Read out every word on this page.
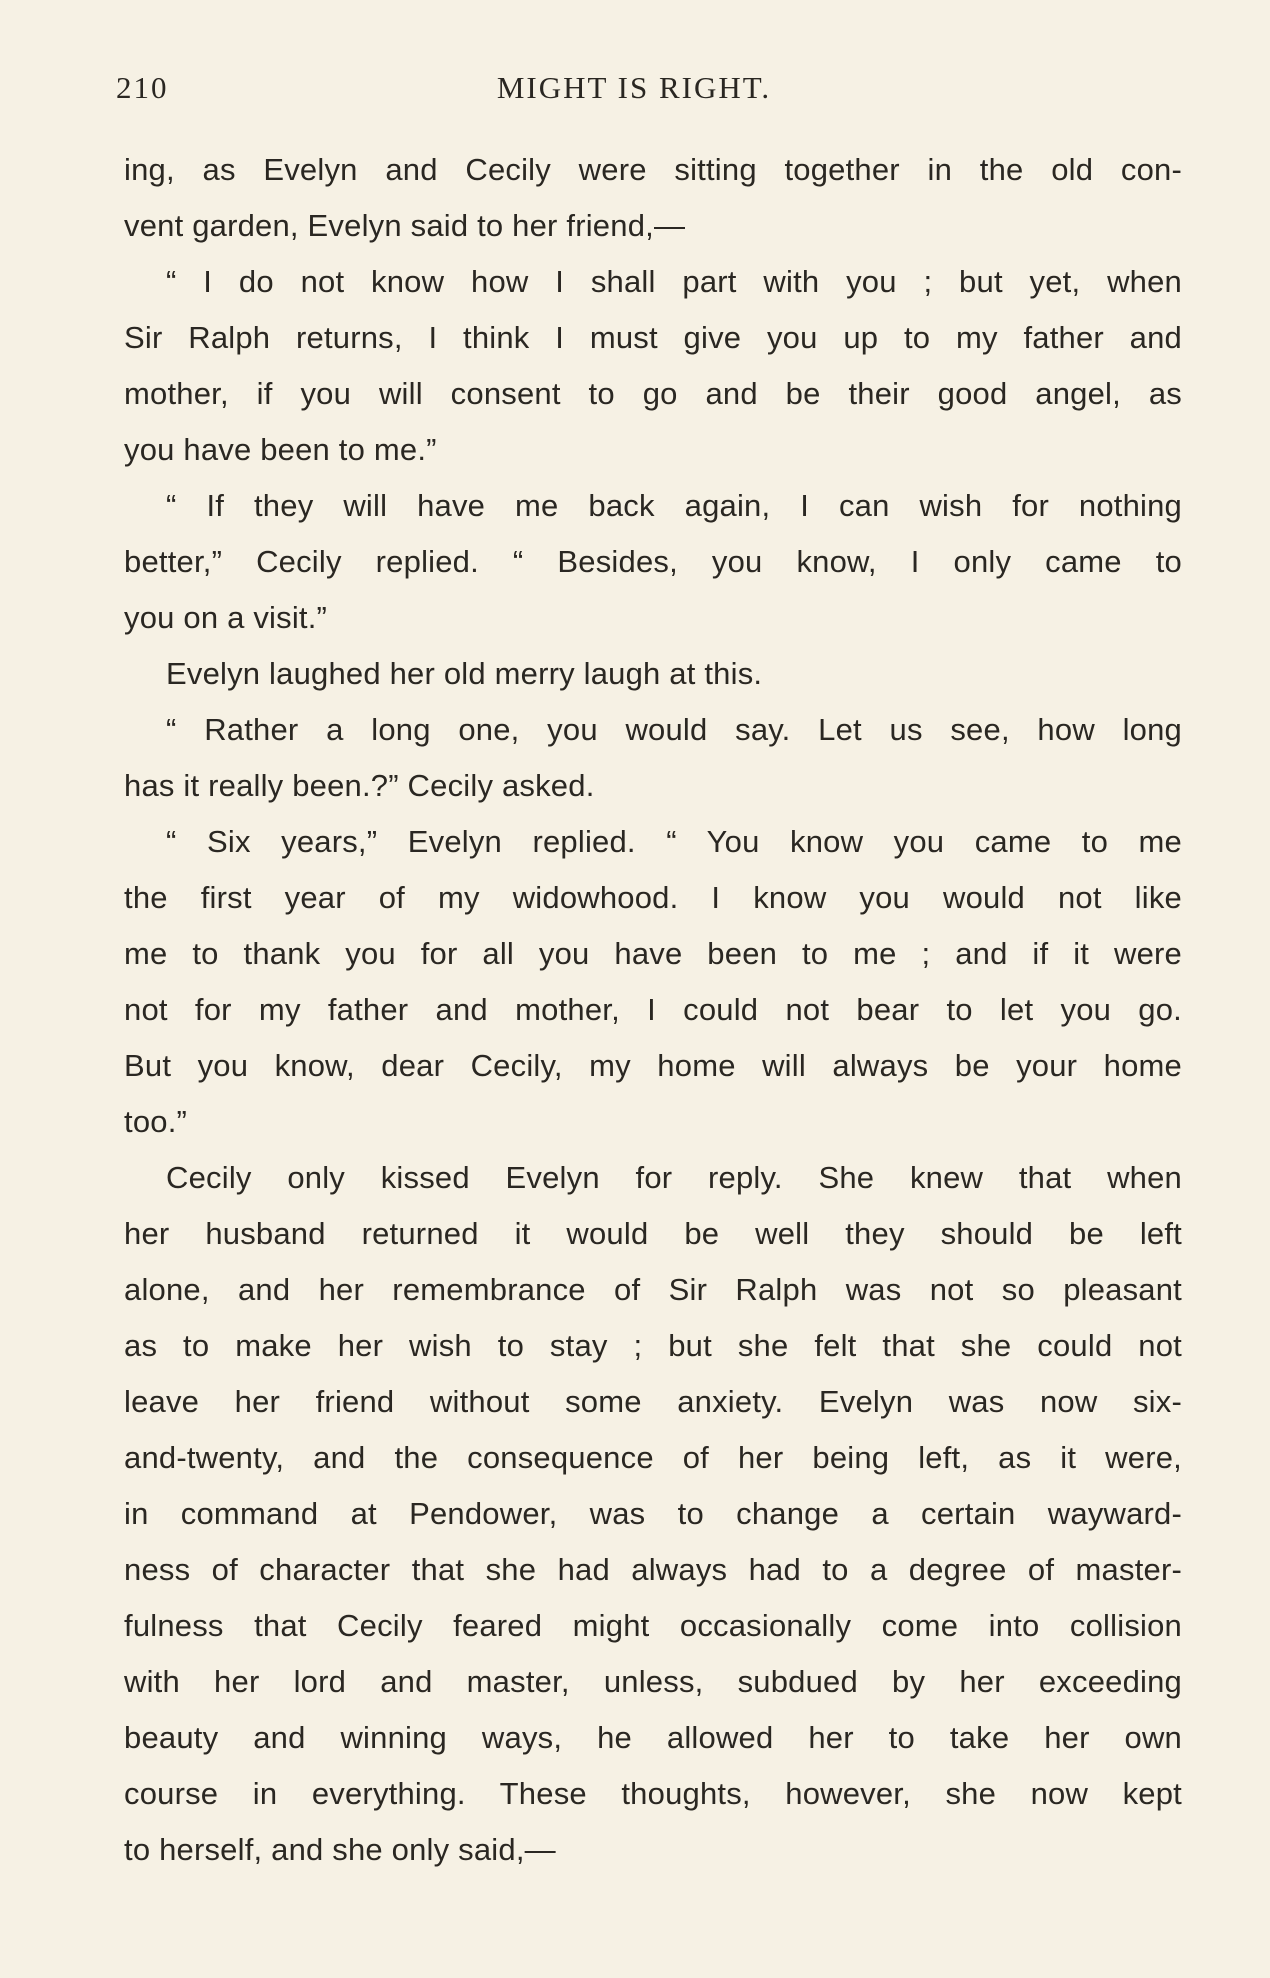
210	MIGHT IS RIGHT.
ing, as Evelyn and Cecily were sitting together in the old con-
vent garden, Evelyn said to her friend,—
“ I do not know how I shall part with you ; but yet, when
Sir Ralph returns, I think I must give you up to my father and
mother, if you will consent to go and be their good angel, as
you have been to me.”
“ If they will have me back again, I can wish for nothing
better,” Cecily replied. “ Besides, you know, I only came to
you on a visit.”
Evelyn laughed her old merry laugh at this.
“ Rather a long one, you would say. Let us see, how long
has it really been.?” Cecily asked.
“ Six years,” Evelyn replied. “ You know you came to me
the first year of my widowhood. I know you would not like
me to thank you for all you have been to me ; and if it were
not for my father and mother, I could not bear to let you go.
But you know, dear Cecily, my home will always be your home
too.”
Cecily only kissed Evelyn for reply. She knew that when
her husband returned it would be well they should be left
alone, and her remembrance of Sir Ralph was not so pleasant
as to make her wish to stay ; but she felt that she could not
leave her friend without some anxiety. Evelyn was now six-
and-twenty, and the consequence of her being left, as it were,
in command at Pendower, was to change a certain wayward-
ness of character that she had always had to a degree of master-
fulness that Cecily feared might occasionally come into collision
with her lord and master, unless, subdued by her exceeding
beauty and winning ways, he allowed her to take her own
course in everything. These thoughts, however, she now kept
to herself, and she only said,—
